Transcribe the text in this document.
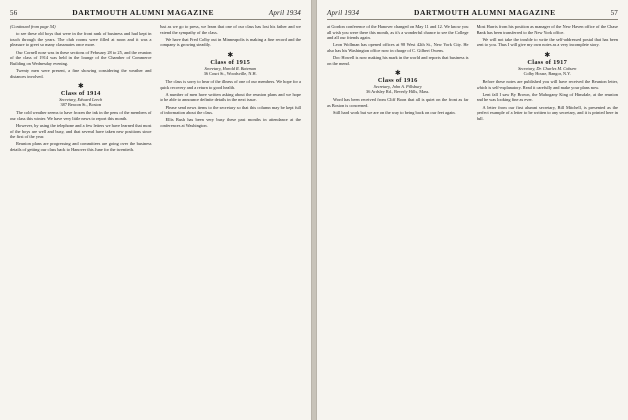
56	DARTMOUTH ALUMNI MAGAZINE	April 1934

(Continued from page 54)

to see these old boys that were in the front rank of business and had kept in touch through the years. The club rooms were filled at noon and it was a pleasure to greet so many classmates once more.

Our Cornell nose was in these sections of February 28 to 25, and the reunion of the class of 1914 was held in the lounge of the Chamber of Commerce Building on Wednesday evening.

Twenty men were present, a fine showing considering the weather and distances involved.

✱
Class of 1914
Secretary, Edward Leech
387 Beacon St., Boston

The cold weather seems to have frozen the ink in the pens of the members of our class this winter. We have very little news to report this month.

However, by using the telephone and a few letters we have learned that most of the boys are well and busy, and that several have taken new positions since the first of the year.

Reunion plans are progressing and committees are going over the business details of getting our class back to Hanover this June for the twentieth.

Just as we go to press, we learn that one of our class has lost his father and we extend the sympathy of the class.

We have that Fred Colby out in Minneapolis is making a fine record and the company is growing steadily.

✱
Class of 1915
Secretary, Harold R. Bateman
36 Court St., Woodsville, N.H.

The class is sorry to hear of the illness of one of our members. We hope for a quick recovery and a return to good health.

A number of men have written asking about the reunion plans and we hope to be able to announce definite details in the next issue.

Please send news items to the secretary so that this column may be kept full of information about the class.

Ellis Bush has been very busy these past months in attendance at the conferences at Washington.

April 1934	DARTMOUTH ALUMNI MAGAZINE	57

at Gordon conference of the Hanover changed on May 11 and 12. We know you all wish you were there this month, as it's a wonderful chance to see the College and all our friends again.

Leon Wollman has opened offices at 98 West 42th St., New York City. He also has his Washington office now in charge of C. Gilbert Owens.

Doc Howell is now making his mark in the world and reports that business is on the mend.

✱
Class of 1916
Secretary, John A. Pillsbury
36 Ardsley Rd., Beverly Hills, Mass.

Word has been received from Cliff Boon that all is quiet on the front as far as Boston is concerned.

Still hard work but we are on the way to being back on our feet again.

Most Harris from his position as manager of the New Haven office of the Chase Bank has been transferred to the New York office.

We will not take the trouble to write the self-addressed postal that has been sent to you. Thus I will give my own notes as a very incomplete story.

✱
Class of 1917
Secretary, Dr. Charles M. Coburn
Colby House, Bangor, N.Y.

Before these notes are published you will have received the Reunion letter, which is self-explanatory. Read it carefully and make your plans now.

Lent fall I saw By Brown, the Mahogany King of Hinsdale, at the reunion and he was looking fine as ever.

A letter from our first alumni secretary, Bill Mitchell, is presented as the perfect example of a letter to be written to any secretary, and it is printed here in full.
